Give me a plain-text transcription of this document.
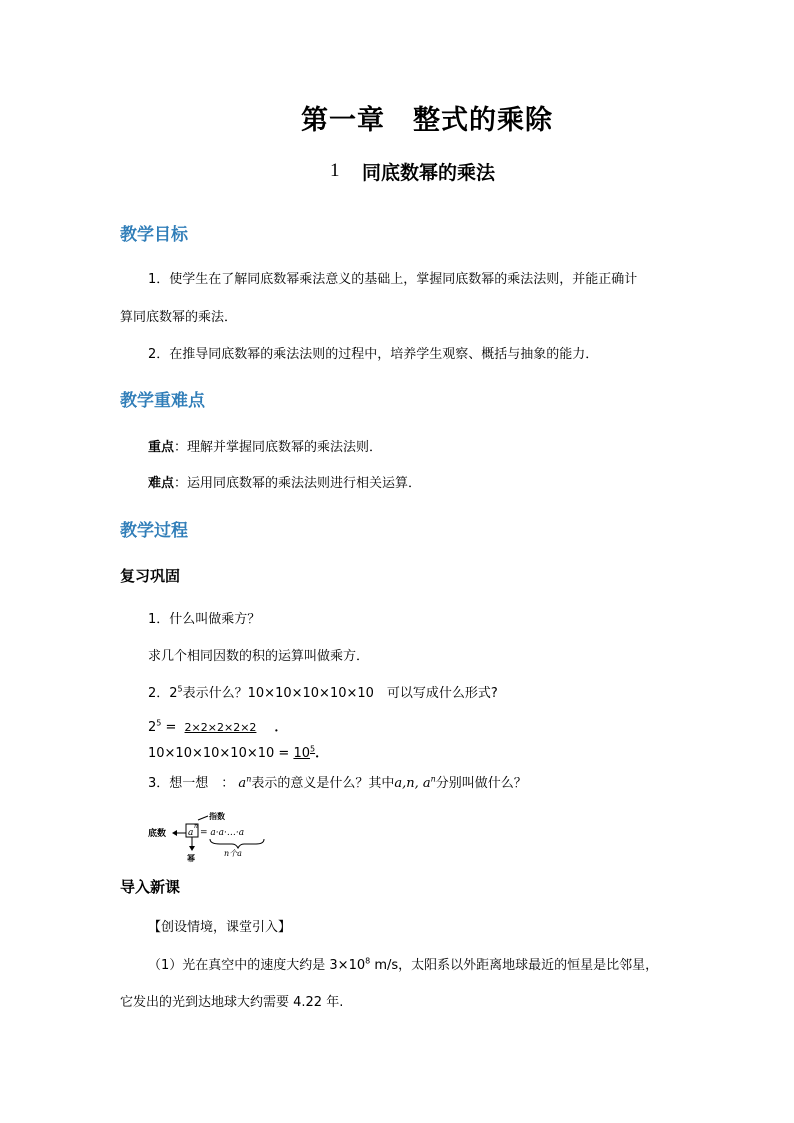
第一章　整式的乘除
1 同底数幂的乘法
教学目标
1．使学生在了解同底数幂乘法意义的基础上，掌握同底数幂的乘法法则，并能正确计
算同底数幂的乘法．
2．在推导同底数幂的乘法法则的过程中，培养学生观察、概括与抽象的能力．
教学重难点
重点：理解并掌握同底数幂的乘法法则．
难点：运用同底数幂的乘法法则进行相关运算．
教学过程
复习巩固
1．什么叫做乘方？
求几个相同因数的积的运算叫做乘方．
2．$2^5$表示什么？10×10×10×10×10　可以写成什么形式?
$2^5 = 2\times 2\times 2\times 2\times 2$ ．
$10\times 10\times 10\times 10\times 10 = 10^5$．
3．想一想　： $a^n$表示的意义是什么？其中a,n, $a^n$分别叫做什么？
底数 a
n
指数
幂
= a·a·…·a
n个a
导入新课
【创设情境，课堂引入】
（1）光在真空中的速度大约是 $3\times 10^8$ m/s，太阳系以外距离地球最近的恒星是比邻星，
它发出的光到达地球大约需要 4.22 年.
